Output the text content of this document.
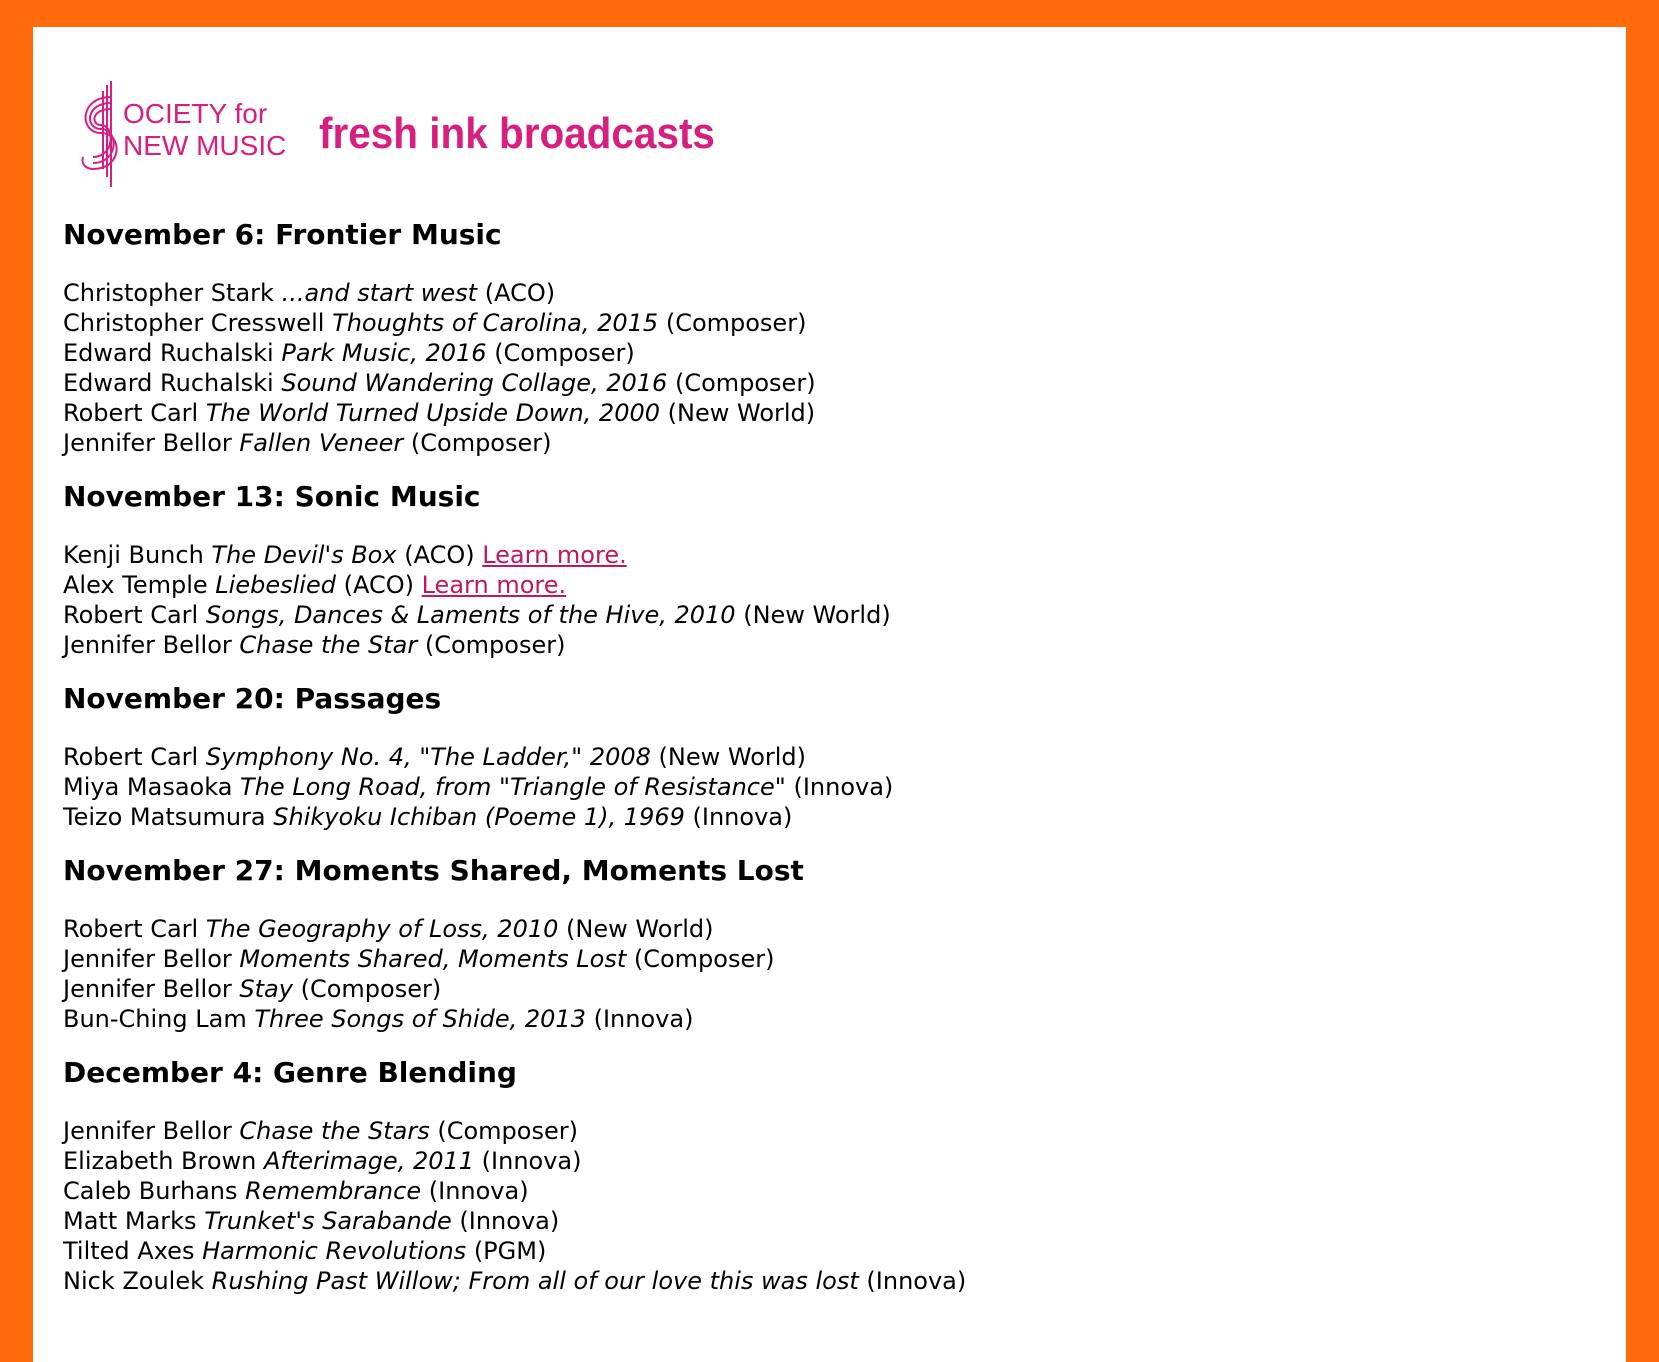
OCIETY for
NEW MUSIC fresh ink broadcasts
November 6: Frontier Music
Christopher Stark ...and start west (ACO)
Christopher Cresswell Thoughts of Carolina, 2015 (Composer)
Edward Ruchalski Park Music, 2016 (Composer)
Edward Ruchalski Sound Wandering Collage, 2016 (Composer)
Robert Carl The World Turned Upside Down, 2000 (New World)
Jennifer Bellor Fallen Veneer (Composer)
November 13: Sonic Music
Kenji Bunch The Devil's Box (ACO) Learn more.
Alex Temple Liebeslied (ACO) Learn more.
Robert Carl Songs, Dances & Laments of the Hive, 2010 (New World)
Jennifer Bellor Chase the Star (Composer)
November 20: Passages
Robert Carl Symphony No. 4, "The Ladder," 2008 (New World)
Miya Masaoka The Long Road, from "Triangle of Resistance" (Innova)
Teizo Matsumura Shikyoku Ichiban (Poeme 1), 1969 (Innova)
November 27: Moments Shared, Moments Lost
Robert Carl The Geography of Loss, 2010 (New World)
Jennifer Bellor Moments Shared, Moments Lost (Composer)
Jennifer Bellor Stay (Composer)
Bun-Ching Lam Three Songs of Shide, 2013 (Innova)
December 4: Genre Blending
Jennifer Bellor Chase the Stars (Composer)
Elizabeth Brown Afterimage, 2011 (Innova)
Caleb Burhans Remembrance (Innova)
Matt Marks Trunket's Sarabande (Innova)
Tilted Axes Harmonic Revolutions (PGM)
Nick Zoulek Rushing Past Willow; From all of our love this was lost (Innova)
